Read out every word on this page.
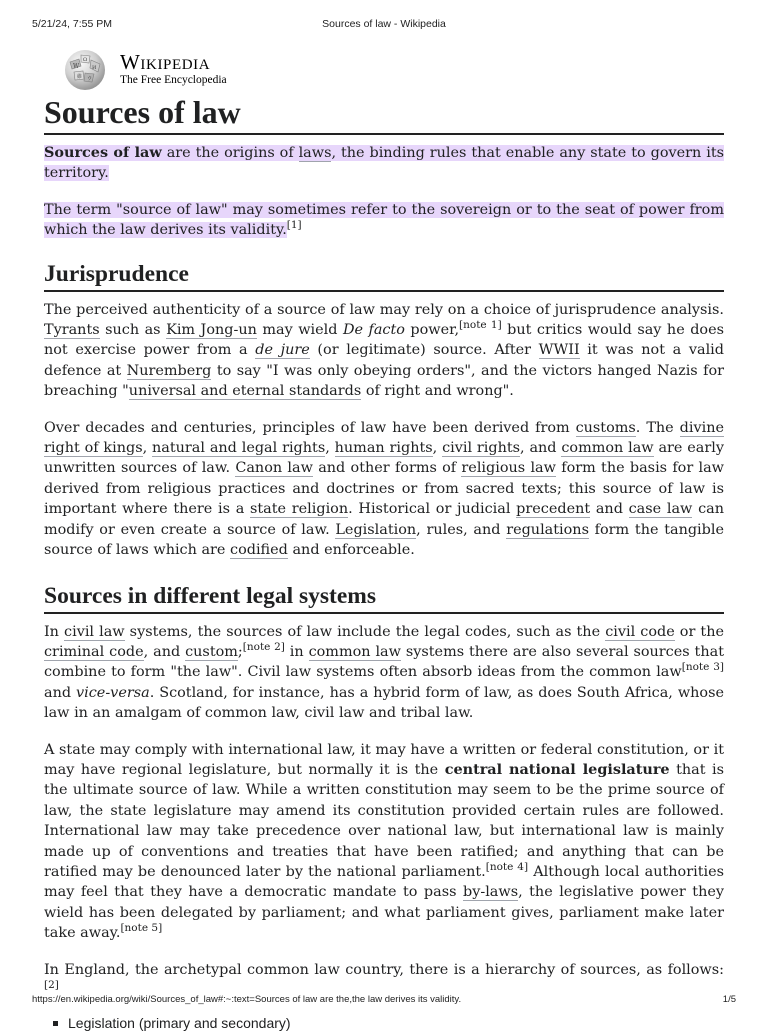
5/21/24, 7:55 PM	Sources of law - Wikipedia
W
Ω
И
維 ウ
Wikipedia
The Free Encyclopedia
Sources of law

Sources of law are the origins of laws, the binding rules that enable any state to govern its territory.

The term "source of law" may sometimes refer to the sovereign or to the seat of power from which the law derives its validity.[1]

Jurisprudence

The perceived authenticity of a source of law may rely on a choice of jurisprudence analysis. Tyrants such as Kim Jong-un may wield De facto power,[note 1] but critics would say he does not exercise power from a de jure (or legitimate) source. After WWII it was not a valid defence at Nuremberg to say "I was only obeying orders", and the victors hanged Nazis for breaching "universal and eternal standards of right and wrong".

Over decades and centuries, principles of law have been derived from customs. The divine right of kings, natural and legal rights, human rights, civil rights, and common law are early unwritten sources of law. Canon law and other forms of religious law form the basis for law derived from religious practices and doctrines or from sacred texts; this source of law is important where there is a state religion. Historical or judicial precedent and case law can modify or even create a source of law. Legislation, rules, and regulations form the tangible source of laws which are codified and enforceable.

Sources in different legal systems

In civil law systems, the sources of law include the legal codes, such as the civil code or the criminal code, and custom;[note 2] in common law systems there are also several sources that combine to form "the law". Civil law systems often absorb ideas from the common law[note 3] and vice-versa. Scotland, for instance, has a hybrid form of law, as does South Africa, whose law in an amalgam of common law, civil law and tribal law.

A state may comply with international law, it may have a written or federal constitution, or it may have regional legislature, but normally it is the central national legislature that is the ultimate source of law. While a written constitution may seem to be the prime source of law, the state legislature may amend its constitution provided certain rules are followed. International law may take precedence over national law, but international law is mainly made up of conventions and treaties that have been ratified; and anything that can be ratified may be denounced later by the national parliament.[note 4] Although local authorities may feel that they have a democratic mandate to pass by-laws, the legislative power they wield has been delegated by parliament; and what parliament gives, parliament make later take away.[note 5]

In England, the archetypal common law country, there is a hierarchy of sources, as follows:[2]

Legislation (primary and secondary)
https://en.wikipedia.org/wiki/Sources_of_law#:~:text=Sources of law are the,the law derives its validity.	1/5
